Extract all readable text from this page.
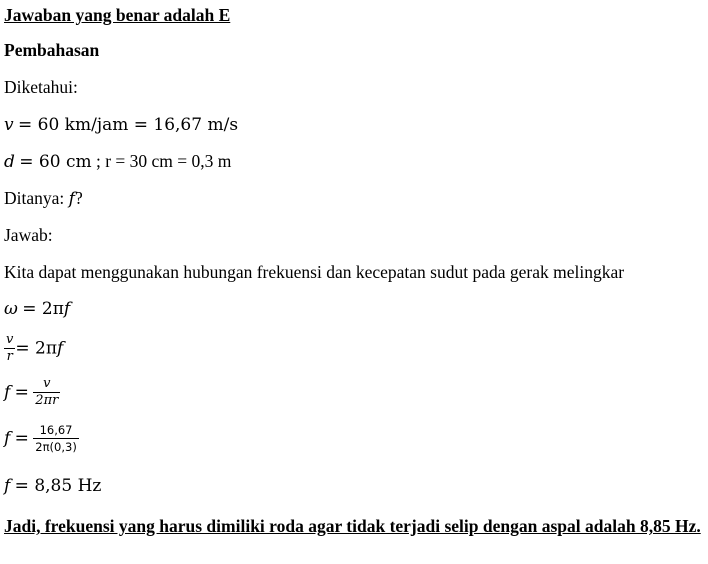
Jawaban yang benar adalah E
Pembahasan
Diketahui:
v = 60 km/jam = 16,67 m/s
d = 60 cm ; r = 30 cm = 0,3 m
Ditanya: f?
Jawab:
Kita dapat menggunakan hubungan frekuensi dan kecepatan sudut pada gerak melingkar
ω = 2πf
$\frac{v}{r} = 2\pi f$
$f = \frac{v}{2\pi r}$
$f = \frac{16,67}{2\pi(0,3)}$
f = 8,85 Hz
Jadi, frekuensi yang harus dimiliki roda agar tidak terjadi selip dengan aspal adalah 8,85 Hz.
